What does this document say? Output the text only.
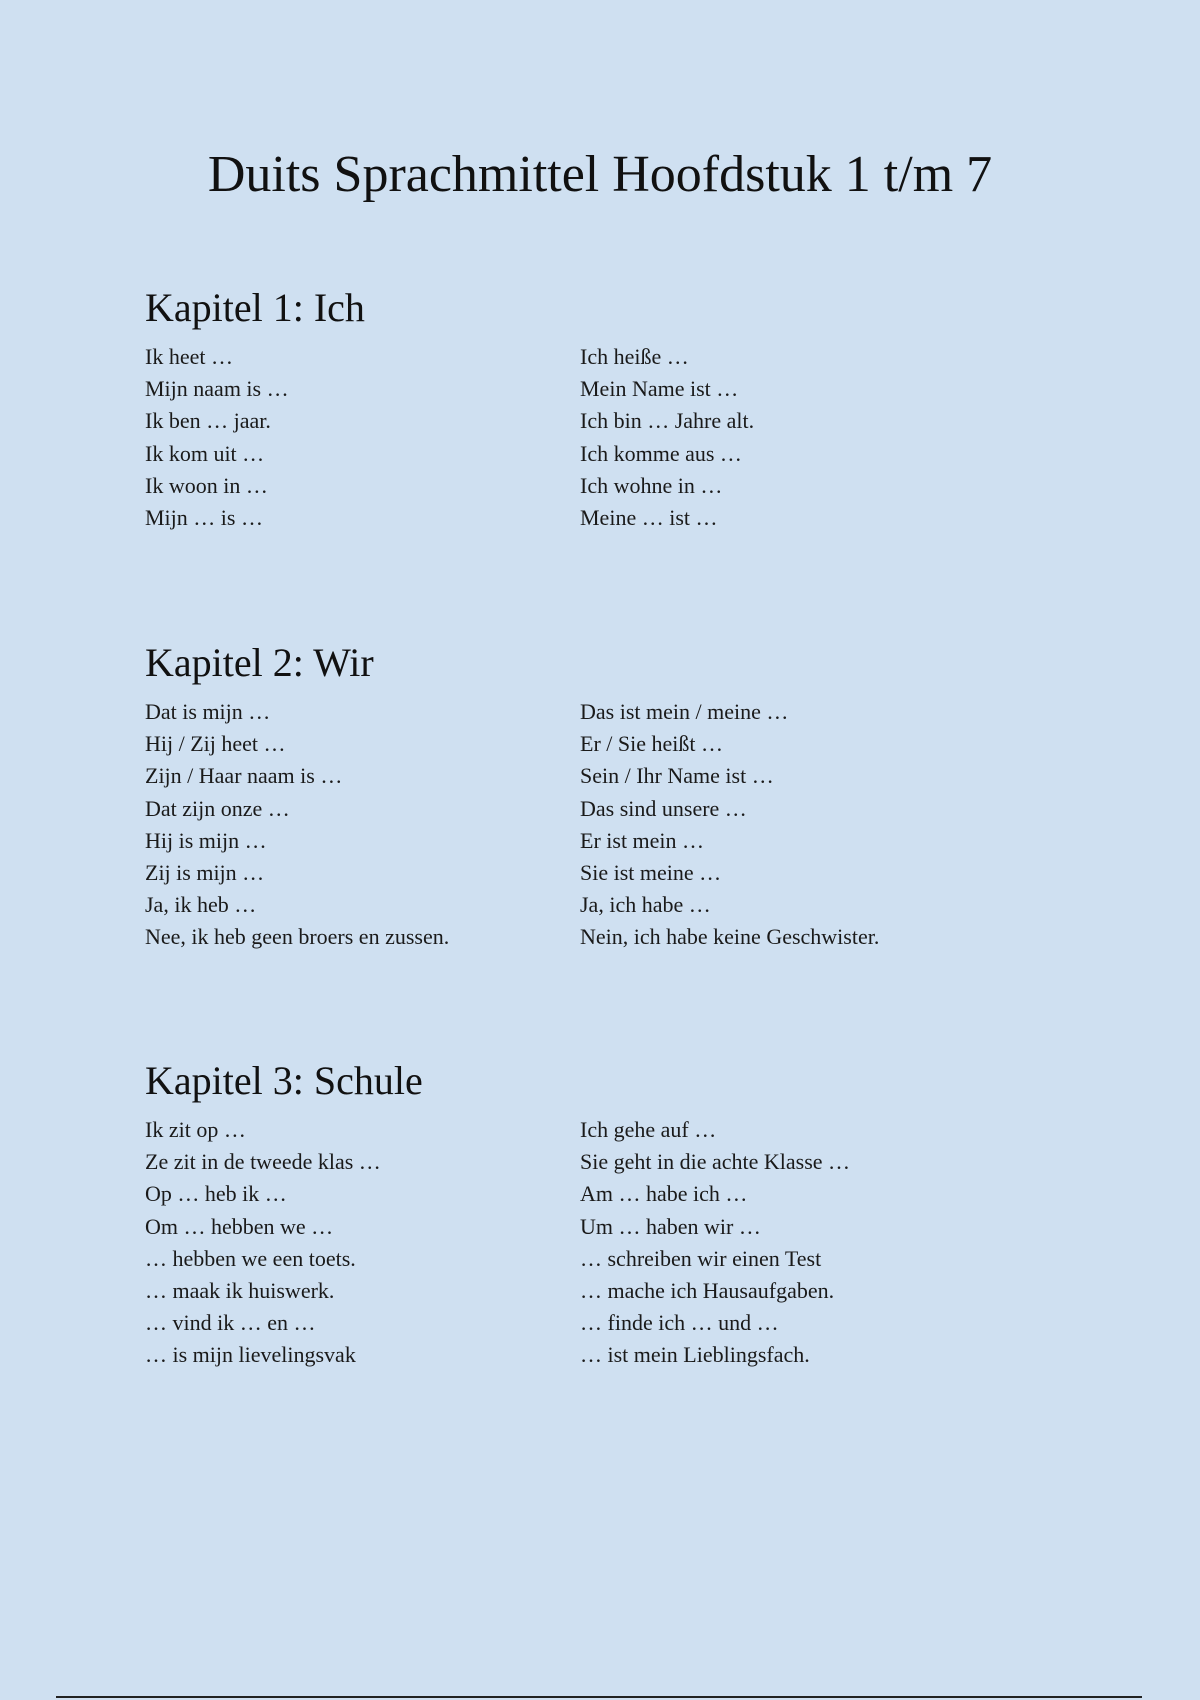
Duits Sprachmittel Hoofdstuk 1 t/m 7
Kapitel 1: Ich
Ik heet …	Ich heiße …
Mijn naam is …	Mein Name ist …
Ik ben … jaar.	Ich bin … Jahre alt.
Ik kom uit …	Ich komme aus …
Ik woon in …	Ich wohne in …
Mijn … is …	Meine … ist …
Kapitel 2: Wir
Dat is mijn …	Das ist mein / meine …
Hij / Zij heet …	Er / Sie heißt …
Zijn / Haar naam is …	Sein / Ihr Name ist …
Dat zijn onze …	Das sind unsere …
Hij is mijn …	Er ist mein …
Zij is mijn …	Sie ist meine …
Ja, ik heb …	Ja, ich habe …
Nee, ik heb geen broers en zussen.	Nein, ich habe keine Geschwister.
Kapitel 3: Schule
Ik zit op …	Ich gehe auf …
Ze zit in de tweede klas …	Sie geht in die achte Klasse …
Op … heb ik …	Am … habe ich …
Om … hebben we …	Um … haben wir …
… hebben we een toets.	… schreiben wir einen Test
… maak ik huiswerk.	… mache ich Hausaufgaben.
… vind ik … en …	… finde ich … und …
… is mijn lievelingsvak	… ist mein Lieblingsfach.
